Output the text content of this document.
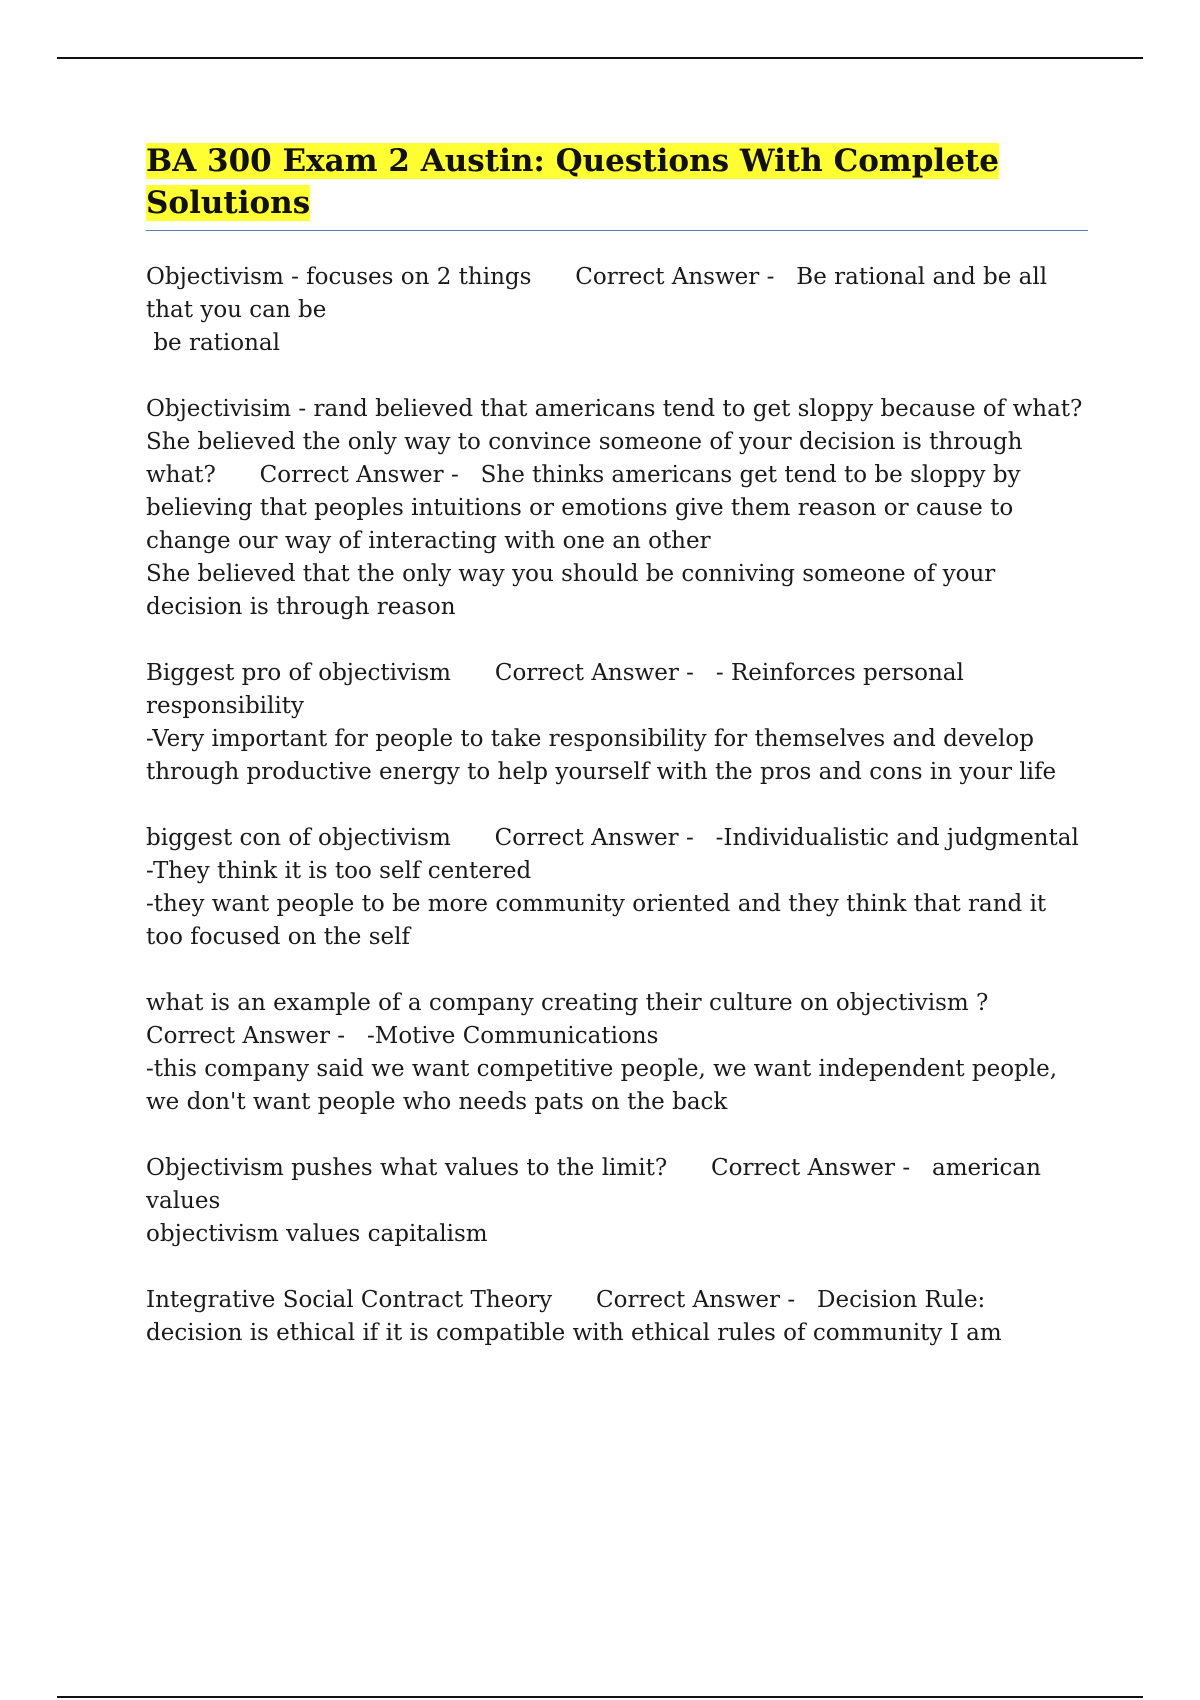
BA 300 Exam 2 Austin: Questions With Complete Solutions

Objectivism - focuses on 2 things      Correct Answer -   Be rational and be all that you can be
be rational

Objectivisim - rand believed that americans tend to get sloppy because of what?
She believed the only way to convince someone of your decision is through what?      Correct Answer -   She thinks americans get tend to be sloppy by believing that peoples intuitions or emotions give them reason or cause to change our way of interacting with one an other
She believed that the only way you should be conniving someone of your decision is through reason

Biggest pro of objectivism      Correct Answer -   - Reinforces personal responsibility
-Very important for people to take responsibility for themselves and develop through productive energy to help yourself with the pros and cons in your life

biggest con of objectivism      Correct Answer -   -Individualistic and judgmental
-They think it is too self centered
-they want people to be more community oriented and they think that rand it too focused on the self

what is an example of a company creating their culture on objectivism ?      Correct Answer -   -Motive Communications
-this company said we want competitive people, we want independent people, we don't want people who needs pats on the back

Objectivism pushes what values to the limit?      Correct Answer -   american values
objectivism values capitalism

Integrative Social Contract Theory      Correct Answer -   Decision Rule:
decision is ethical if it is compatible with ethical rules of community I am
